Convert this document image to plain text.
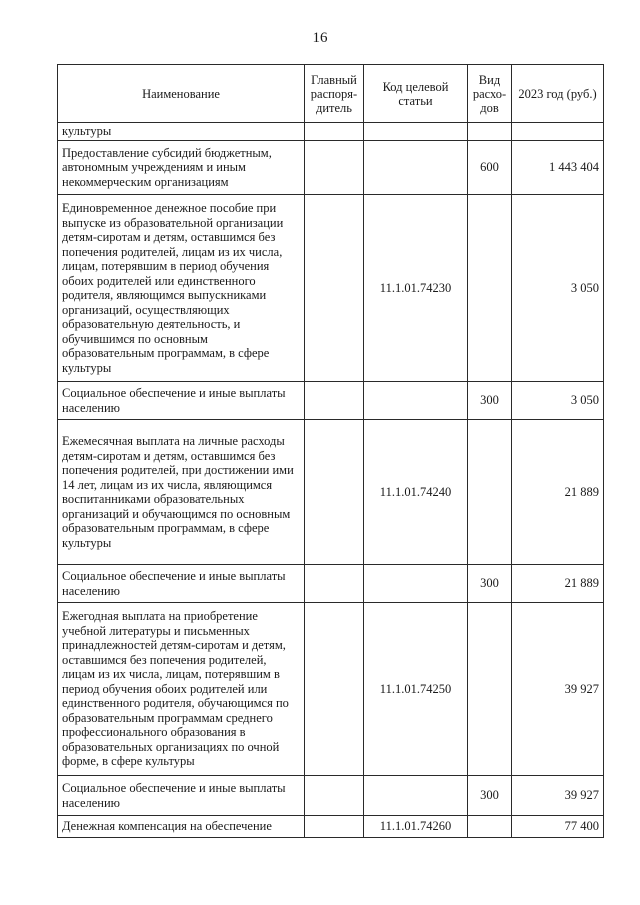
16
Наименование	Главный распоря-дитель	Код целевой статьи	Вид расхо-дов	2023 год (руб.)
культуры				
Предоставление субсидий бюджетным, автономным учреждениям и иным некоммерческим организациям			600	1 443 404
Единовременное денежное пособие при выпуске из образовательной организации детям-сиротам и детям, оставшимся без попечения родителей, лицам из их числа, лицам, потерявшим в период обучения обоих родителей или единственного родителя, являющимся выпускниками организаций, осуществляющих образовательную деятельность, и обучившимся по основным образовательным программам, в сфере культуры		11.1.01.74230		3 050
Социальное обеспечение и иные выплаты населению			300	3 050
Ежемесячная выплата на личные расходы детям-сиротам и детям, оставшимся без попечения родителей, при достижении ими 14 лет, лицам из их числа, являющимся воспитанниками образовательных организаций и обучающимся по основным образовательным программам, в сфере культуры		11.1.01.74240		21 889
Социальное обеспечение и иные выплаты населению			300	21 889
Ежегодная выплата на приобретение учебной литературы и письменных принадлежностей детям-сиротам и детям, оставшимся без попечения родителей, лицам из их числа, лицам, потерявшим в период обучения обоих родителей или единственного родителя, обучающимся по образовательным программам среднего профессионального образования в образовательных организациях по очной форме, в сфере культуры		11.1.01.74250		39 927
Социальное обеспечение и иные выплаты населению			300	39 927
Денежная компенсация на обеспечение		11.1.01.74260		77 400
